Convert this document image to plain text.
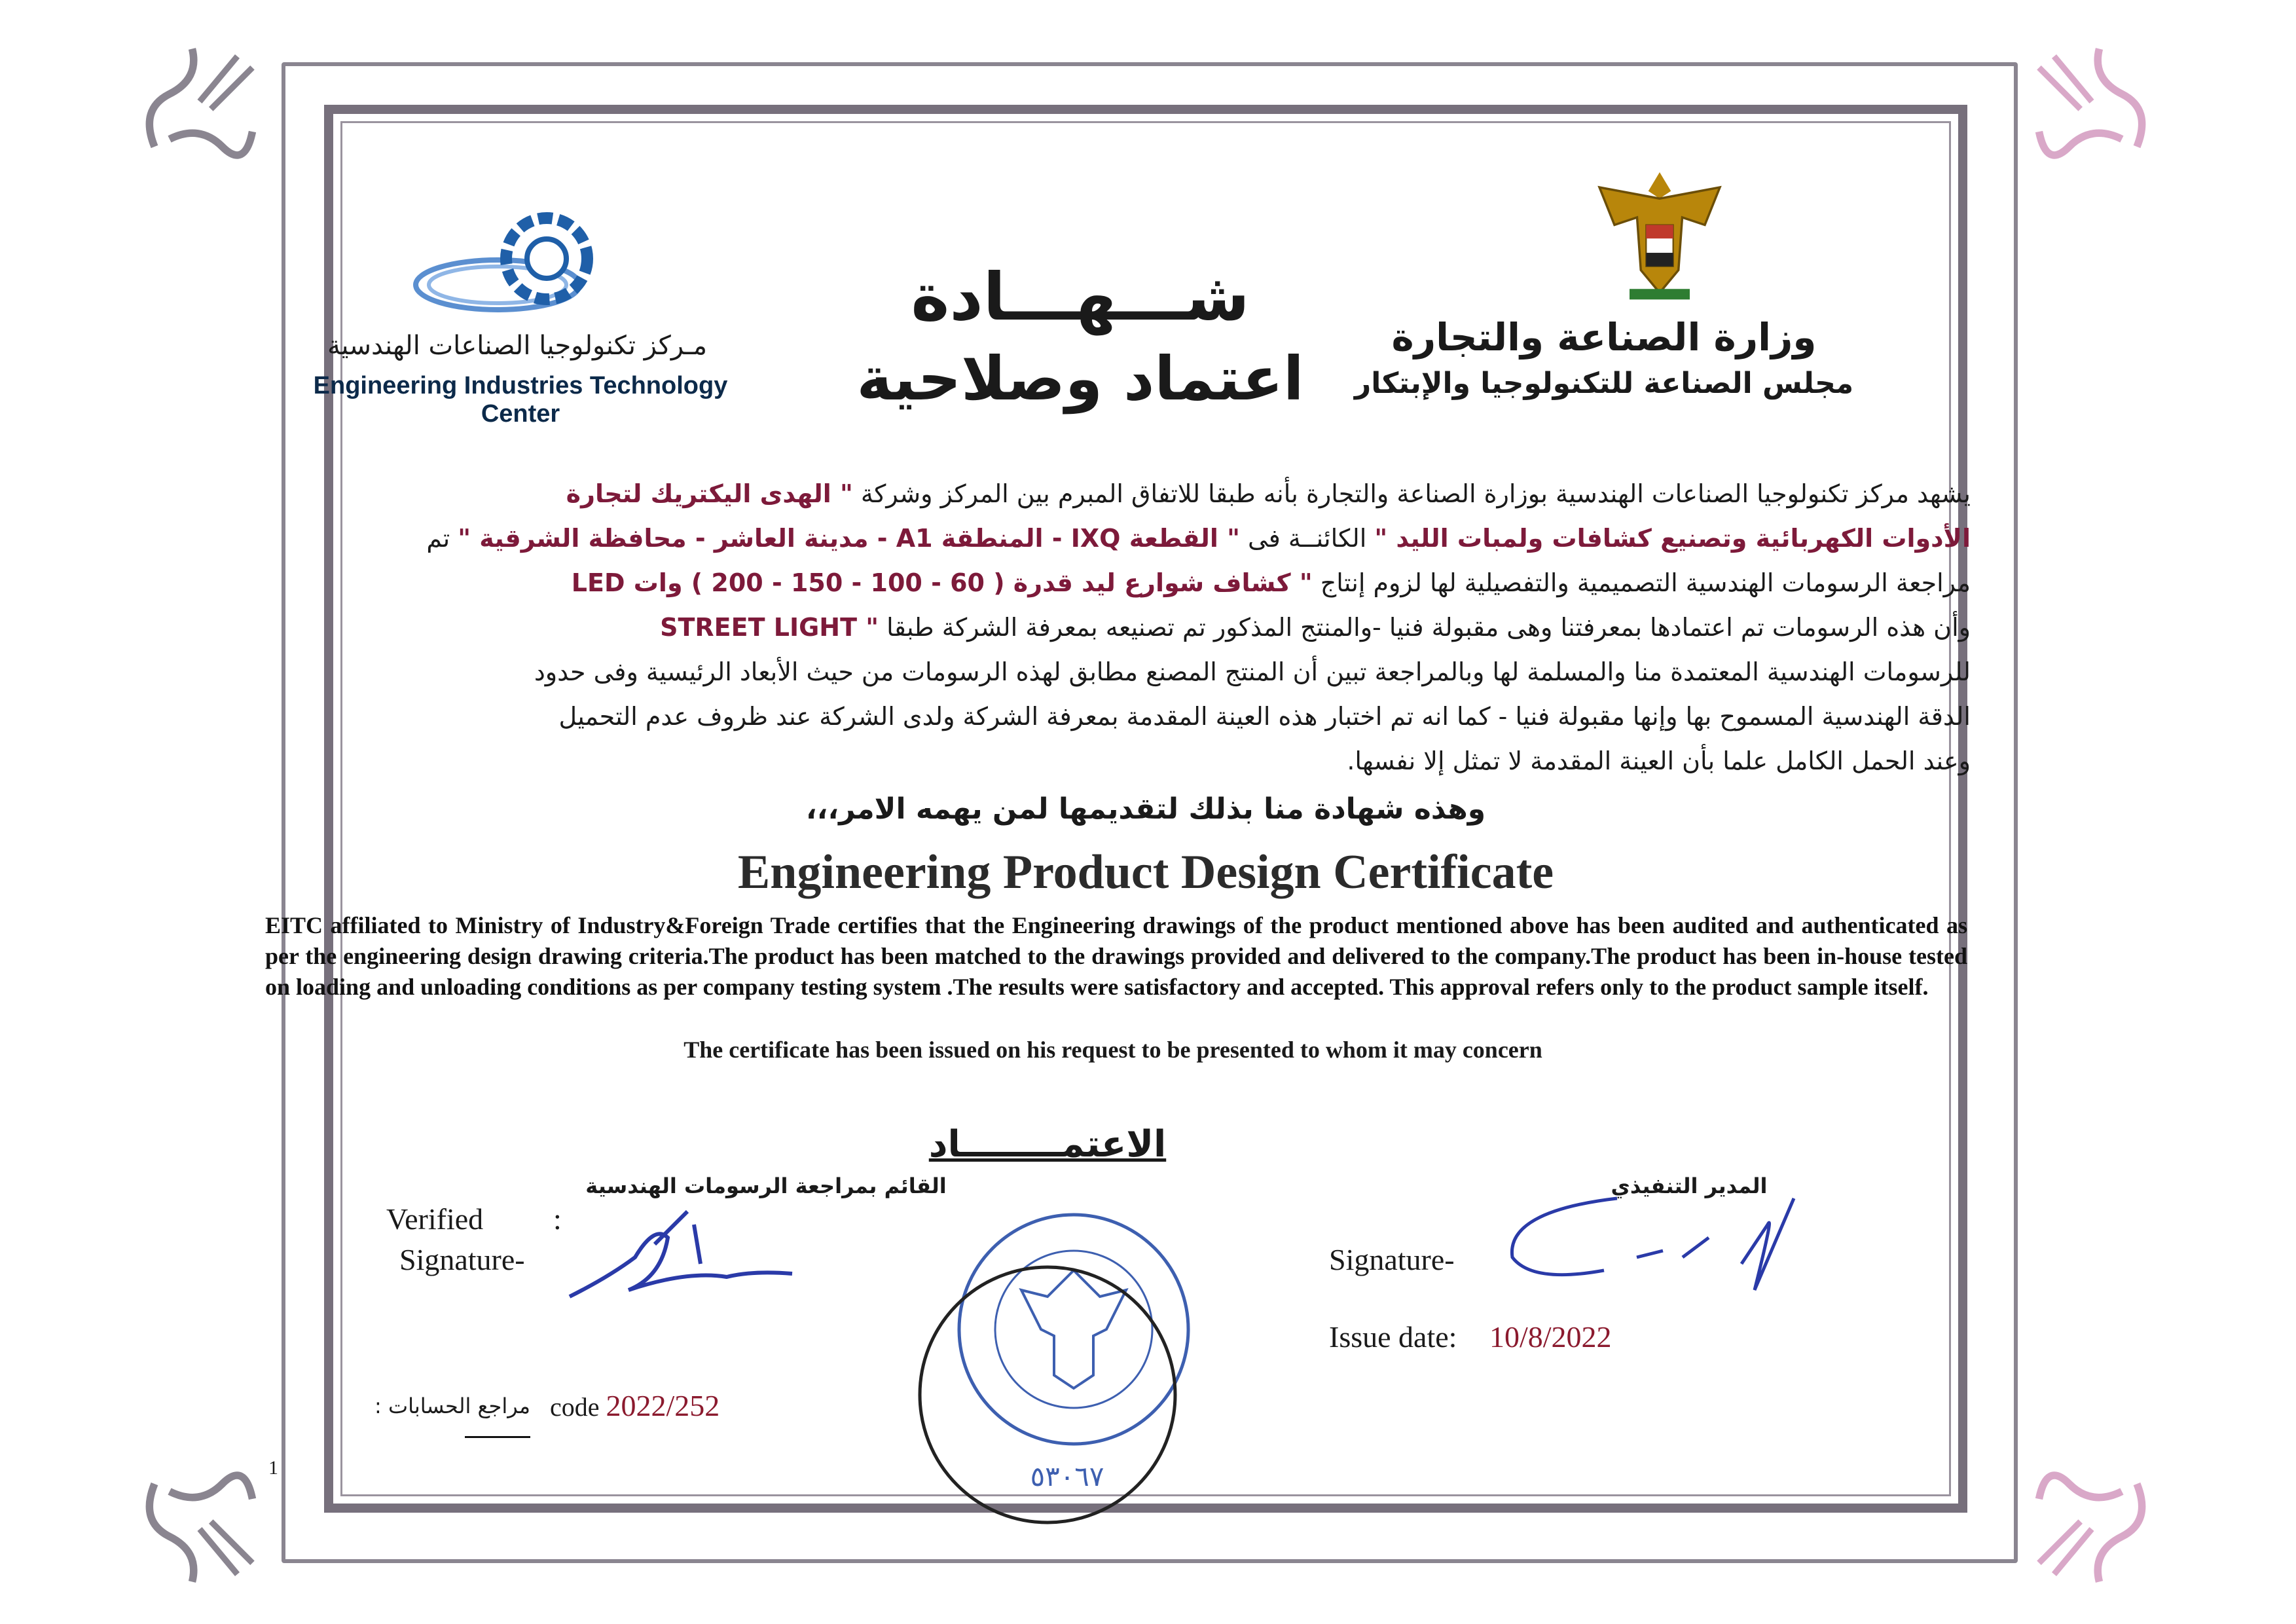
وزارة الصناعة والتجارة
مجلس الصناعة للتكنولوجيا والإبتكار
شـــهـــادة
اعتماد وصلاحية
مـركز تكنولوجيا الصناعات الهندسية
Engineering Industries Technology Center
يشهد مركز تكنولوجيا الصناعات الهندسية بوزارة الصناعة والتجارة بأنه طبقا للاتفاق المبرم بين المركز وشركة " الهدى اليكتريك لتجارة
الأدوات الكهربائية وتصنيع كشافات ولمبات الليد " الكائنــة فى " القطعة IXQ - المنطقة A1 - مدينة العاشر - محافظة الشرقية " تم
مراجعة الرسومات الهندسية التصميمية والتفصيلية لها لزوم إنتاج " كشاف شوارع ليد قدرة ( 60 - 100 - 150 - 200 ) وات LED
STREET LIGHT " وأن هذه الرسومات تم اعتمادها بمعرفتنا وهى مقبولة فنيا -والمنتج المذكور تم تصنيعه بمعرفة الشركة طبقا
للرسومات الهندسية المعتمدة منا والمسلمة لها وبالمراجعة تبين أن المنتج المصنع مطابق لهذه الرسومات من حيث الأبعاد الرئيسية وفى حدود
الدقة الهندسية المسموح بها وإنها مقبولة فنيا - كما انه تم اختبار هذه العينة المقدمة بمعرفة الشركة ولدى الشركة عند ظروف عدم التحميل
وعند الحمل الكامل علما بأن العينة المقدمة لا تمثل إلا نفسها.
وهذه شهادة منا بذلك لتقديمها لمن يهمه الامر،،،
Engineering Product Design Certificate
EITC affiliated to Ministry of Industry&Foreign Trade certifies that the Engineering drawings of the product mentioned above has been audited and authenticated as per the engineering design drawing criteria.The product has been matched to the drawings provided and delivered to the company.The product has been in-house tested on loading and unloading conditions as per company testing system .The results were satisfactory and accepted. This approval refers only to the product sample itself.
The certificate has been issued on his request to be presented to whom it may concern
الاعتمــــــــاد
القائم بمراجعة الرسومات الهندسية
Verified :
Signature-
٥٣٠٦٧
المدير التنفيذي
Signature-
Issue date: 10/8/2022
مراجع الحسابات : code 2022/252
1
